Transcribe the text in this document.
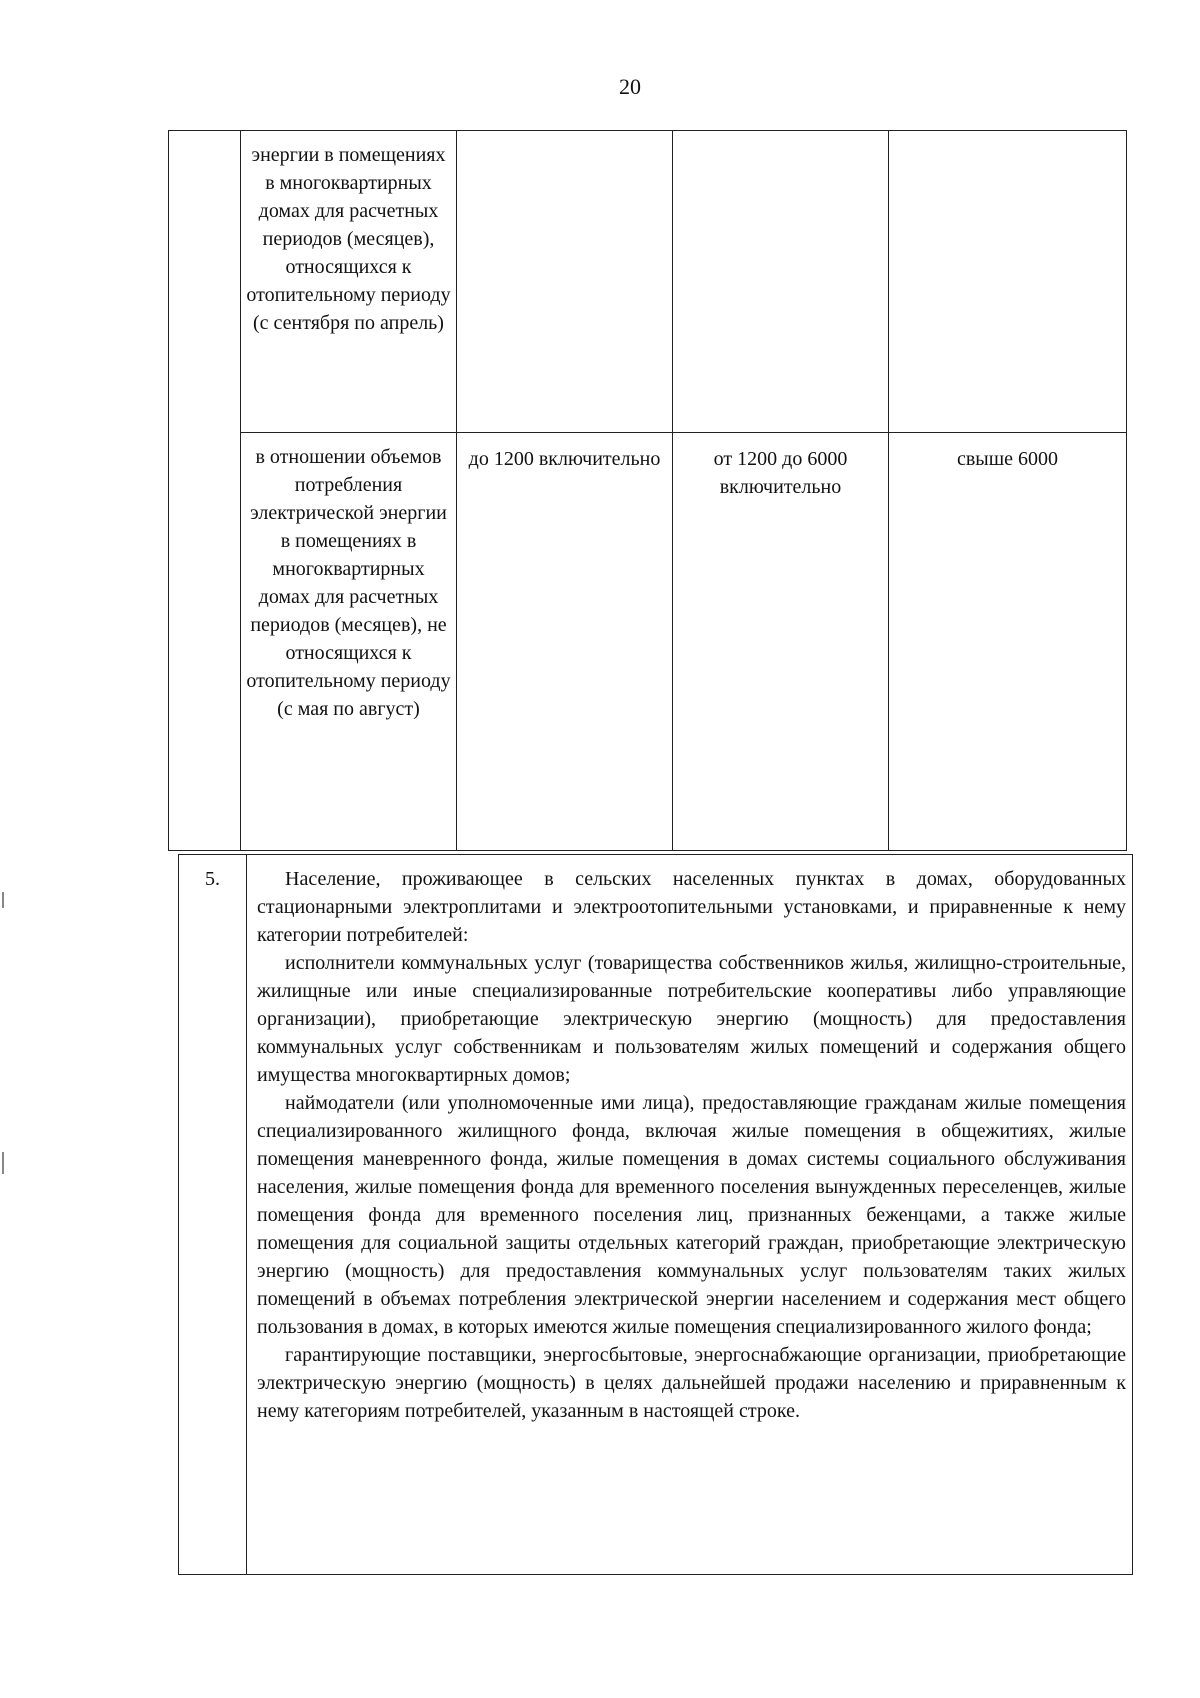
20
	энергии в помещениях в многоквартирных домах для расчетных периодов (месяцев), относящихся к отопительному периоду (с сентября по апрель)			
	в отношении объемов потребления электрической энергии в помещениях в многоквартирных домах для расчетных периодов (месяцев), не относящихся к отопительному периоду (с мая по август)	до 1200 включительно	от 1200 до 6000 включительно	свыше 6000
5.	Население, проживающее в сельских населенных пунктах в домах, оборудованных стационарными электроплитами и электроотопительными установками, и приравненные к нему категории потребителей:

исполнители коммунальных услуг (товарищества собственников жилья, жилищно-строительные, жилищные или иные специализированные потребительские кооперативы либо управляющие организации), приобретающие электрическую энергию (мощность) для предоставления коммунальных услуг собственникам и пользователям жилых помещений и содержания общего имущества многоквартирных домов;

наймодатели (или уполномоченные ими лица), предоставляющие гражданам жилые помещения специализированного жилищного фонда, включая жилые помещения в общежитиях, жилые помещения маневренного фонда, жилые помещения в домах системы социального обслуживания населения, жилые помещения фонда для временного поселения вынужденных переселенцев, жилые помещения фонда для временного поселения лиц, признанных беженцами, а также жилые помещения для социальной защиты отдельных категорий граждан, приобретающие электрическую энергию (мощность) для предоставления коммунальных услуг пользователям таких жилых помещений в объемах потребления электрической энергии населением и содержания мест общего пользования в домах, в которых имеются жилые помещения специализированного жилого фонда;

гарантирующие поставщики, энергосбытовые, энергоснабжающие организации, приобретающие электрическую энергию (мощность) в целях дальнейшей продажи населению и приравненным к нему категориям потребителей, указанным в настоящей строке.
